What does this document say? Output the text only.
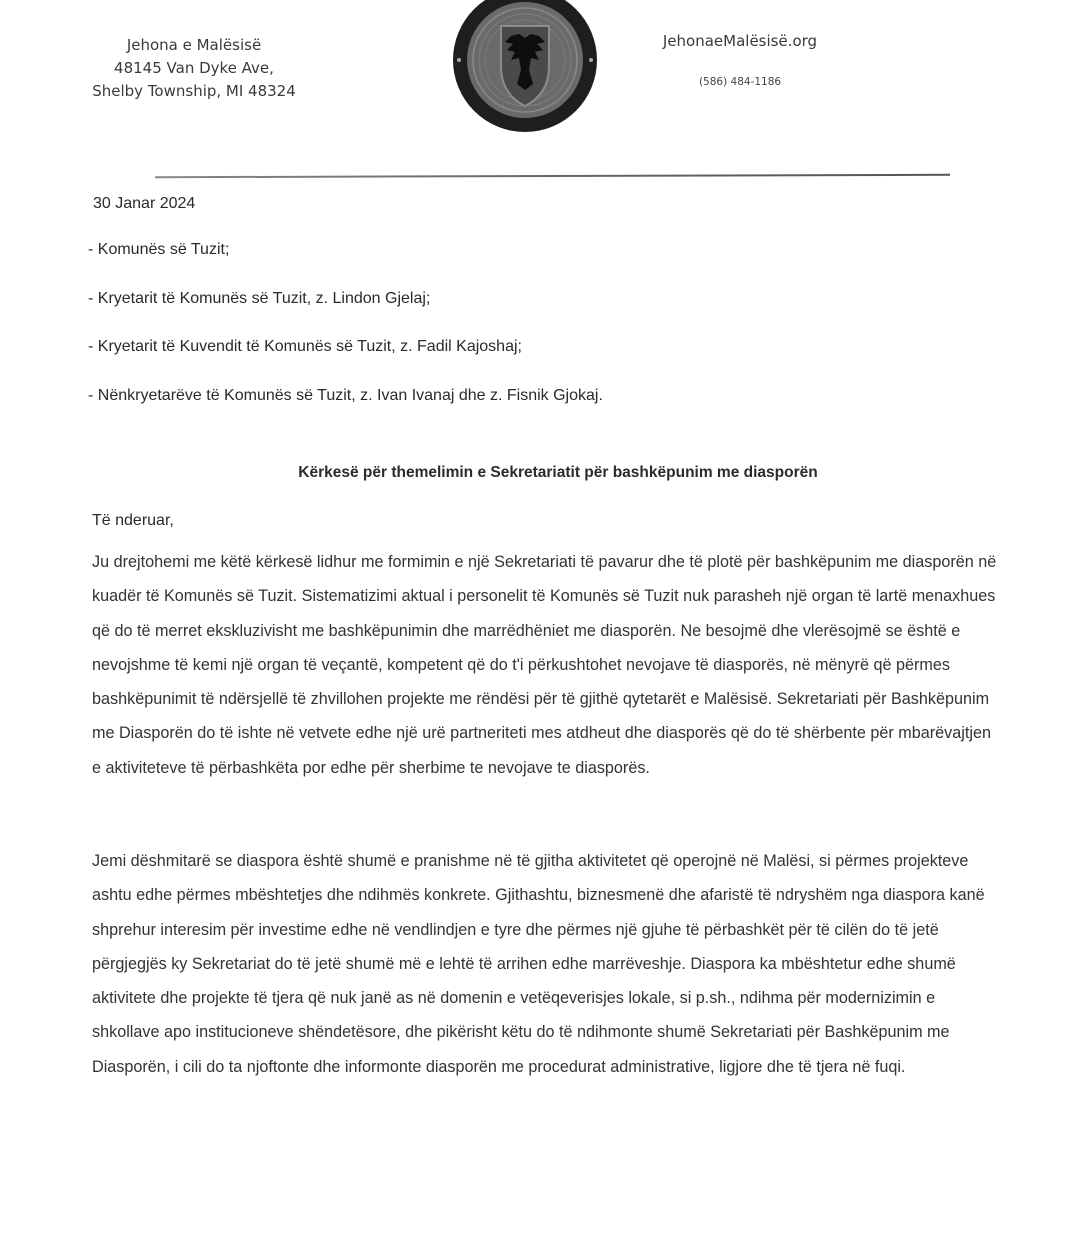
Jehona e Malësisë
48145 Van Dyke Ave,
Shelby Township, MI 48324
JehonaeMalësisë.org
(586) 484-1186
30 Janar 2024
- Komunës së Tuzit;
- Kryetarit të Komunës së Tuzit, z. Lindon Gjelaj;
- Kryetarit të Kuvendit të Komunës së Tuzit, z. Fadil Kajoshaj;
- Nënkryetarëve të Komunës së Tuzit, z. Ivan Ivanaj dhe z. Fisnik Gjokaj.
Kërkesë për themelimin e Sekretariatit për bashkëpunim me diasporën
Të nderuar,
Ju drejtohemi me këtë kërkesë lidhur me formimin e një Sekretariati të pavarur dhe të plotë për bashkëpunim me diasporën në
kuadër të Komunës së Tuzit. Sistematizimi aktual i personelit të Komunës së Tuzit nuk parasheh një organ të lartë menaxhues
që do të merret ekskluzivisht me bashkëpunimin dhe marrëdhëniet me diasporën. Ne besojmë dhe vlerësojmë se është e
nevojshme të kemi një organ të veçantë, kompetent që do t'i përkushtohet nevojave të diasporës, në mënyrë që përmes
bashkëpunimit të ndërsjellë të zhvillohen projekte me rëndësi për të gjithë qytetarët e Malësisë. Sekretariati për Bashkëpunim
me Diasporën do të ishte në vetvete edhe një urë partneriteti mes atdheut dhe diasporës që do të shërbente për mbarëvajtjen
e aktiviteteve të përbashkëta por edhe për sherbime te nevojave te diasporës.
Jemi dëshmitarë se diaspora është shumë e pranishme në të gjitha aktivitetet që operojnë në Malësi, si përmes projekteve
ashtu edhe përmes mbështetjes dhe ndihmës konkrete. Gjithashtu, biznesmenë dhe afaristë të ndryshëm nga diaspora kanë
shprehur interesim për investime edhe në vendlindjen e tyre dhe përmes një gjuhe të përbashkët për të cilën do të jetë
përgjegjës ky Sekretariat do të jetë shumë më e lehtë të arrihen edhe marrëveshje. Diaspora ka mbështetur edhe shumë
aktivitete dhe projekte të tjera që nuk janë as në domenin e vetëqeverisjes lokale, si p.sh., ndihma për modernizimin e
shkollave apo institucioneve shëndetësore, dhe pikërisht këtu do të ndihmonte shumë Sekretariati për Bashkëpunim me
Diasporën, i cili do ta njoftonte dhe informonte diasporën me procedurat administrative, ligjore dhe të tjera në fuqi.
